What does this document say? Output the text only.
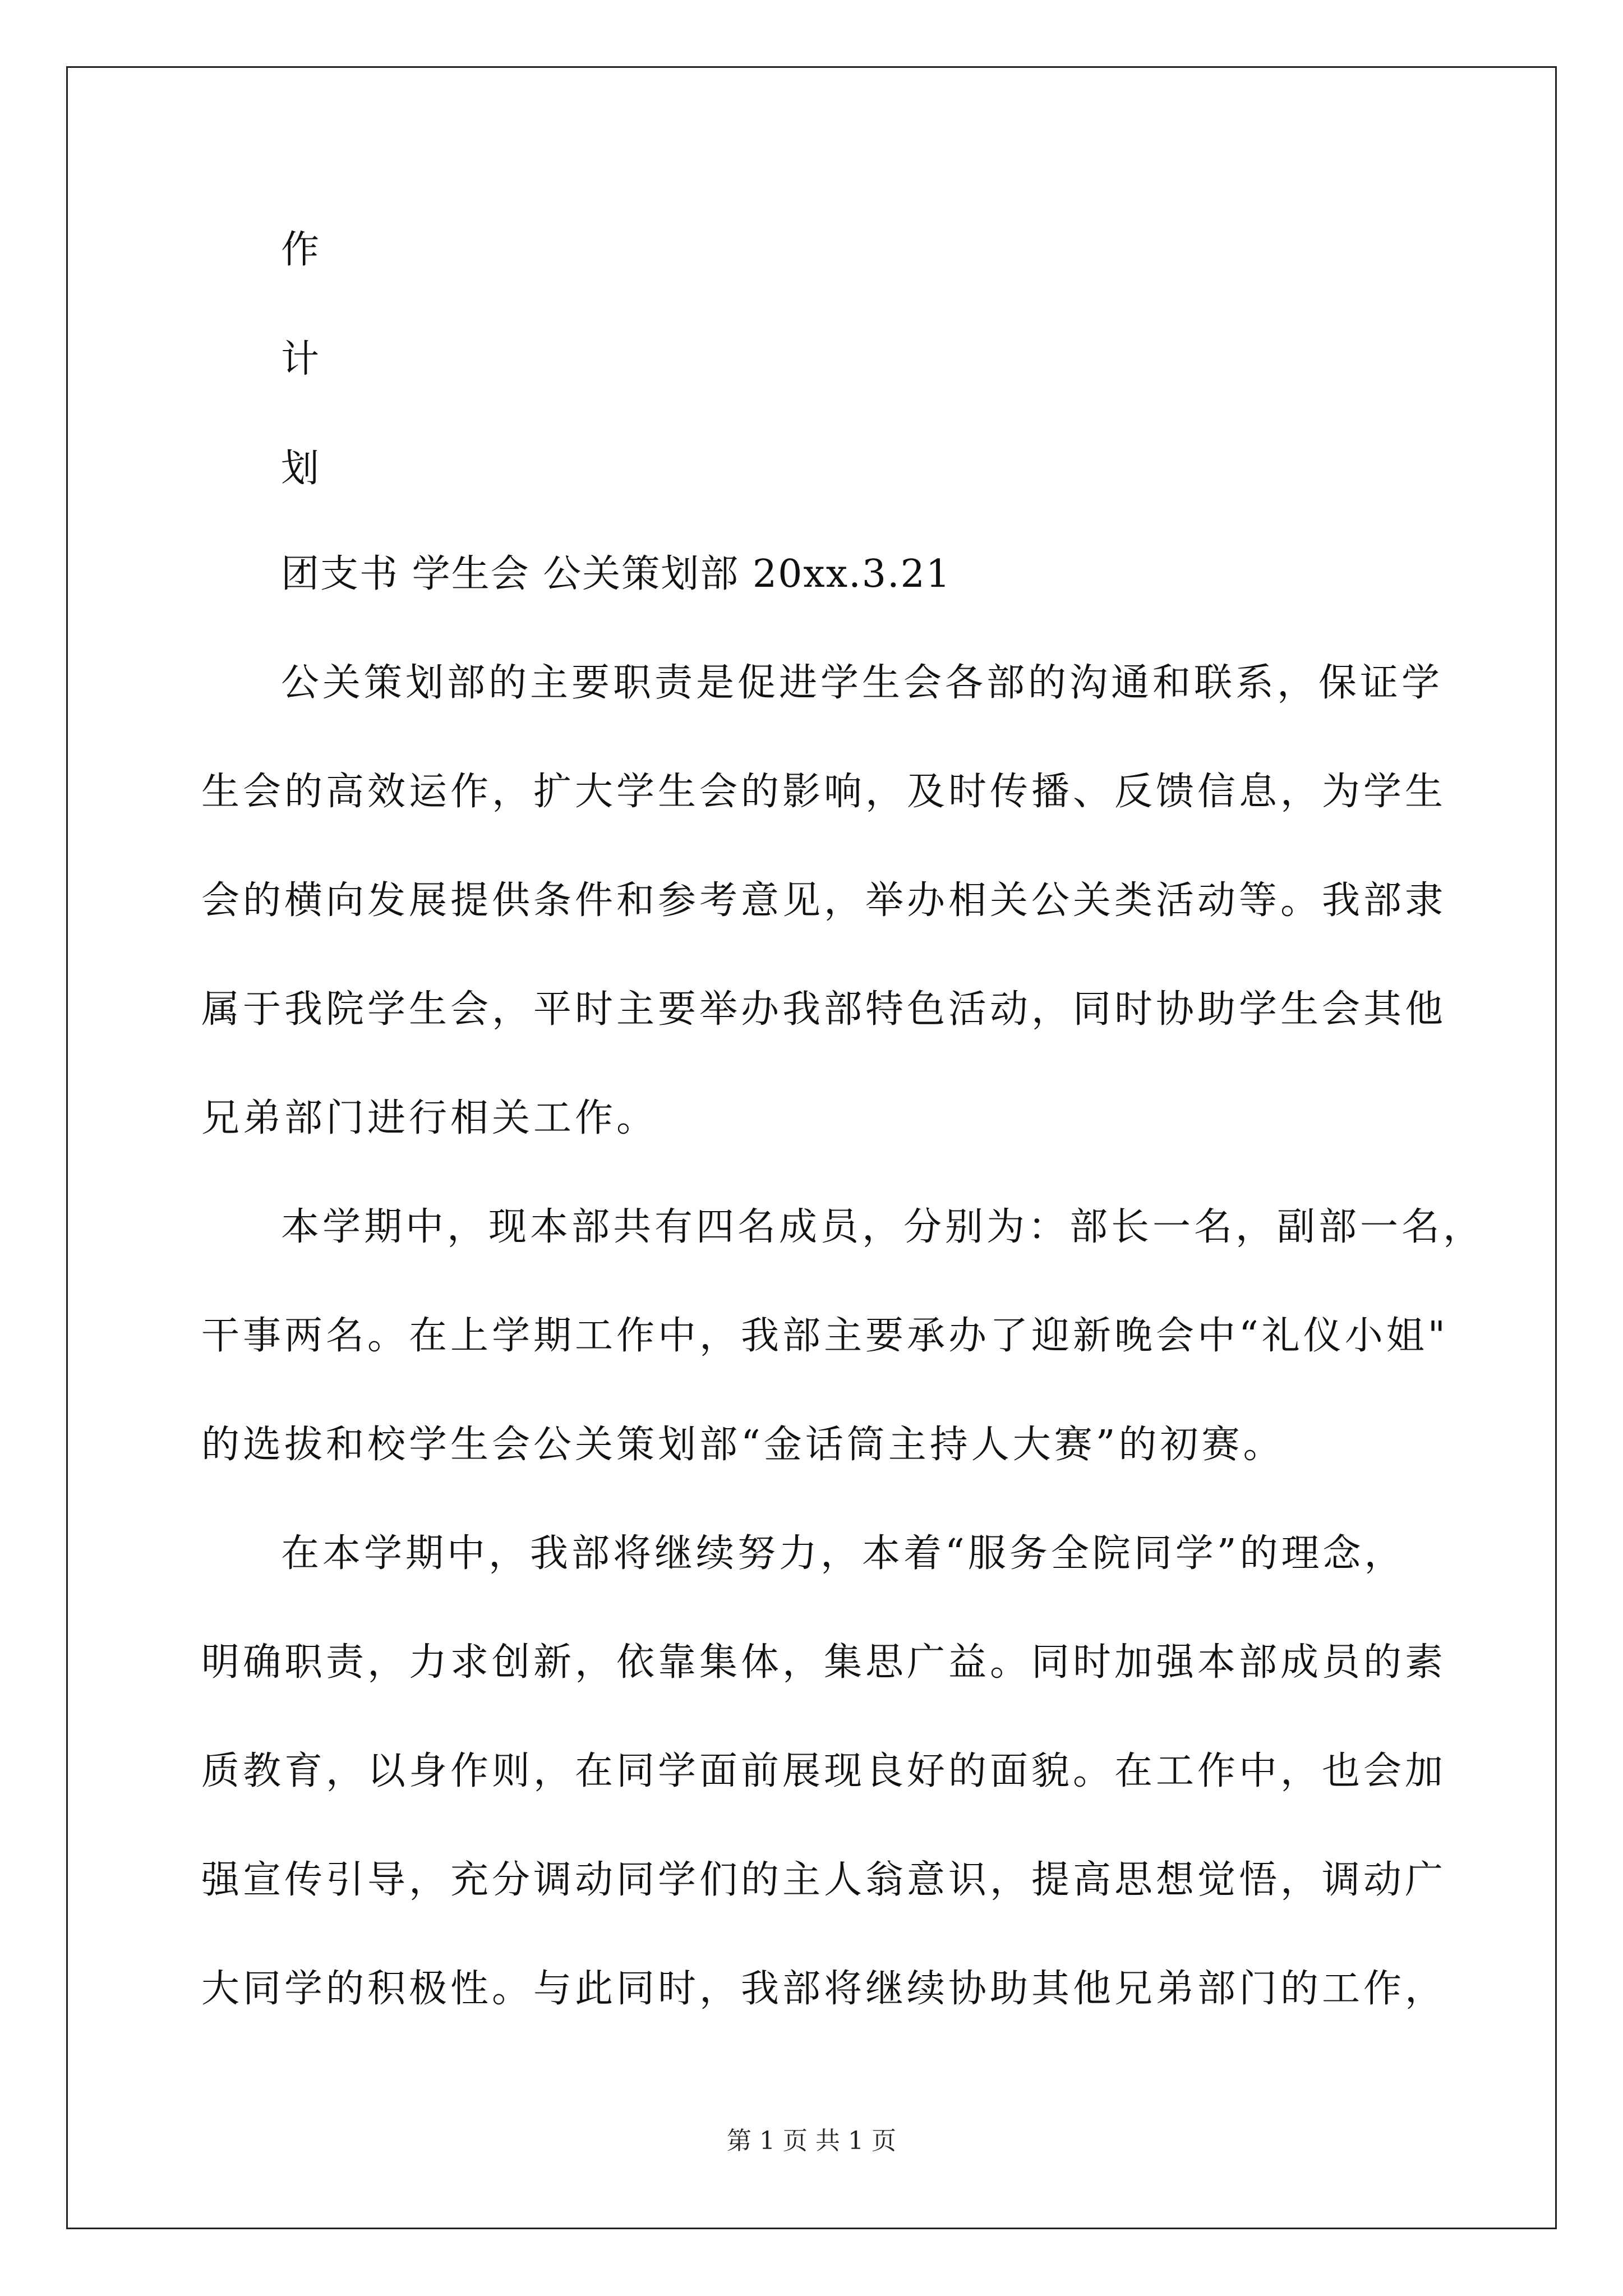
作
计
划
团支书 学生会 公关策划部 20xx.3.21
公关策划部的主要职责是促进学生会各部的沟通和联系，保证学
生会的高效运作，扩大学生会的影响，及时传播、反馈信息，为学生
会的横向发展提供条件和参考意见，举办相关公关类活动等。我部隶
属于我院学生会，平时主要举办我部特色活动，同时协助学生会其他
兄弟部门进行相关工作。
本学期中，现本部共有四名成员，分别为：部长一名，副部一名，
干事两名。在上学期工作中，我部主要承办了迎新晚会中“礼仪小姐"
的选拔和校学生会公关策划部“金话筒主持人大赛”的初赛。
在本学期中，我部将继续努力，本着“服务全院同学”的理念，
明确职责，力求创新，依靠集体，集思广益。同时加强本部成员的素
质教育，以身作则，在同学面前展现良好的面貌。在工作中，也会加
强宣传引导，充分调动同学们的主人翁意识，提高思想觉悟，调动广
大同学的积极性。与此同时，我部将继续协助其他兄弟部门的工作，
第 1 页 共 1 页
